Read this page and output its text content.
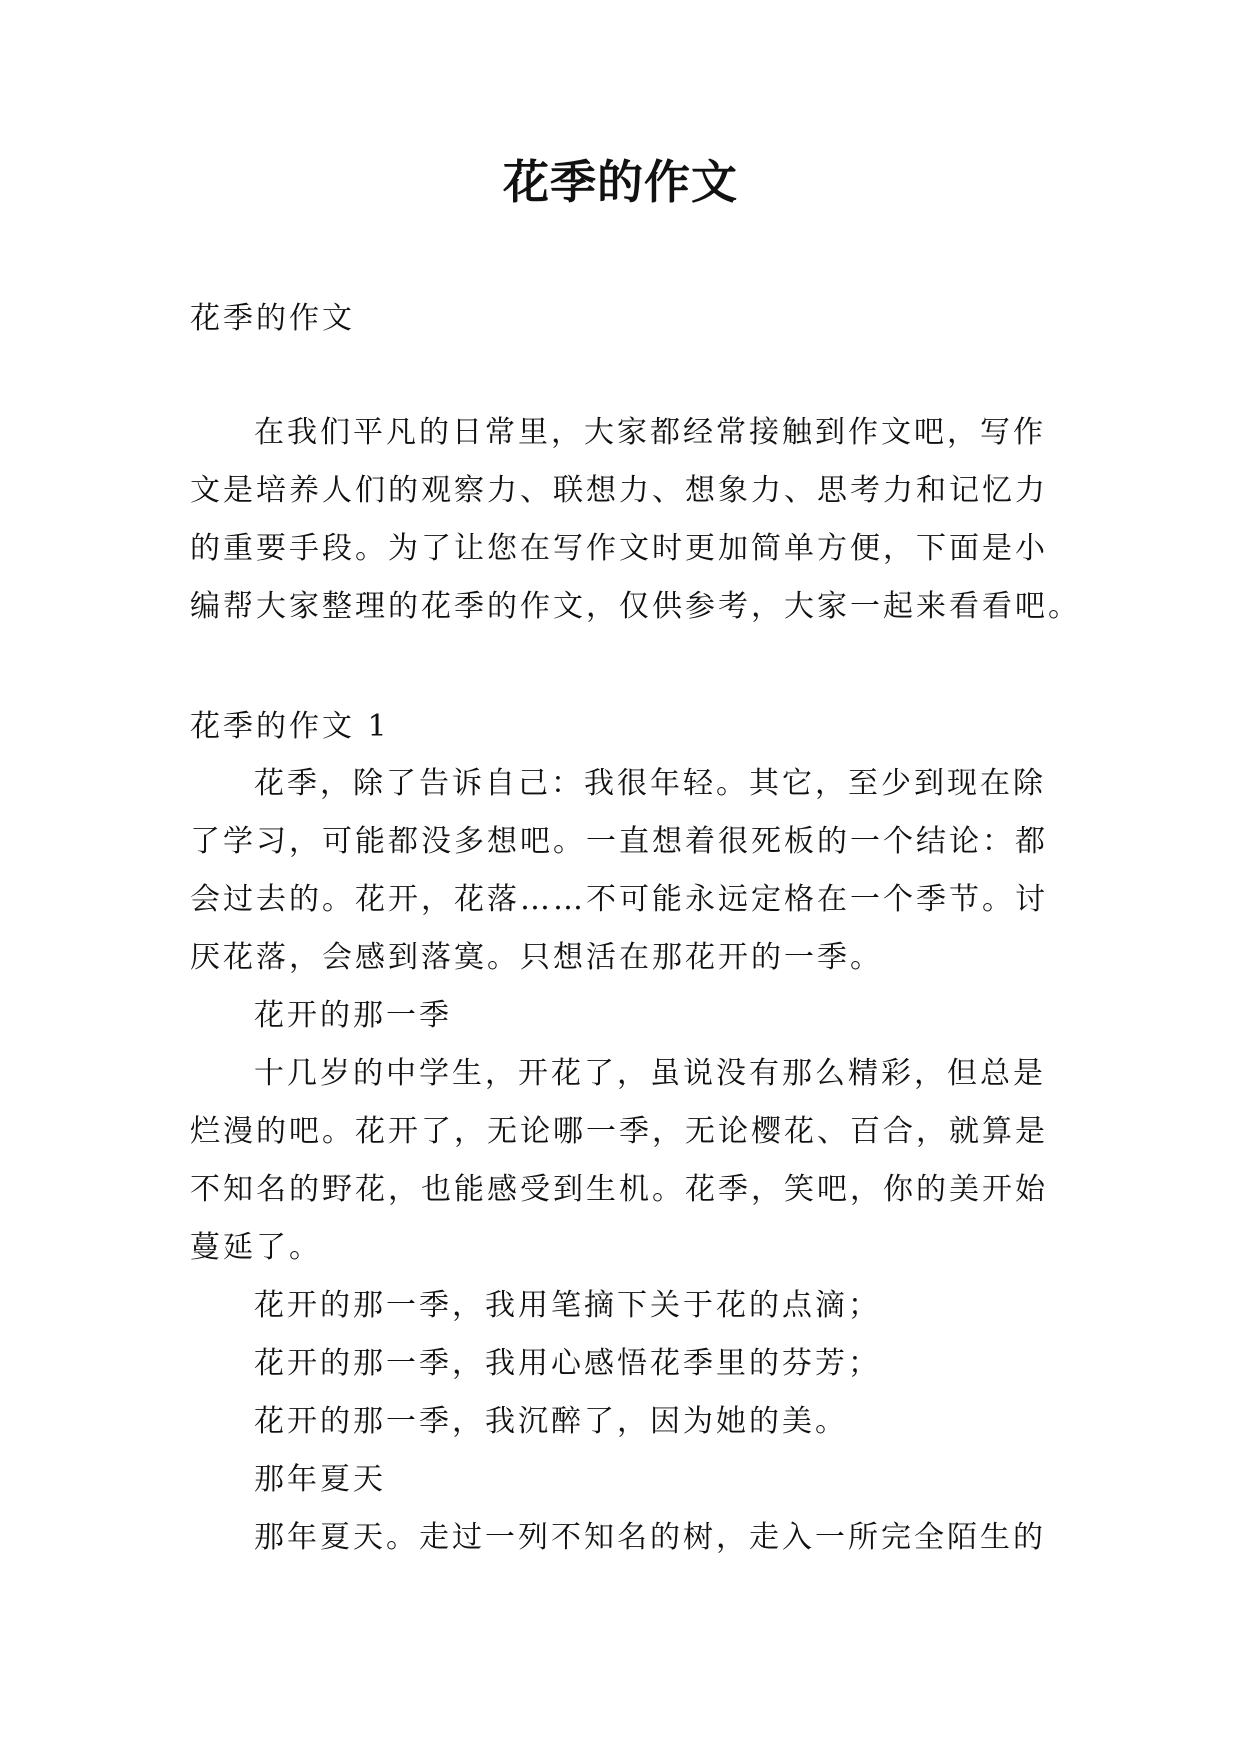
花季的作文
花季的作文
在我们平凡的日常里，大家都经常接触到作文吧，写作
文是培养人们的观察力、联想力、想象力、思考力和记忆力
的重要手段。为了让您在写作文时更加简单方便，下面是小
编帮大家整理的花季的作文，仅供参考，大家一起来看看吧。
花季的作文 1
花季，除了告诉自己：我很年轻。其它，至少到现在除
了学习，可能都没多想吧。一直想着很死板的一个结论：都
会过去的。花开，花落……不可能永远定格在一个季节。讨
厌花落，会感到落寞。只想活在那花开的一季。
花开的那一季
十几岁的中学生，开花了，虽说没有那么精彩，但总是
烂漫的吧。花开了，无论哪一季，无论樱花、百合，就算是
不知名的野花，也能感受到生机。花季，笑吧，你的美开始
蔓延了。
花开的那一季，我用笔摘下关于花的点滴；
花开的那一季，我用心感悟花季里的芬芳；
花开的那一季，我沉醉了，因为她的美。
那年夏天
那年夏天。走过一列不知名的树，走入一所完全陌生的
